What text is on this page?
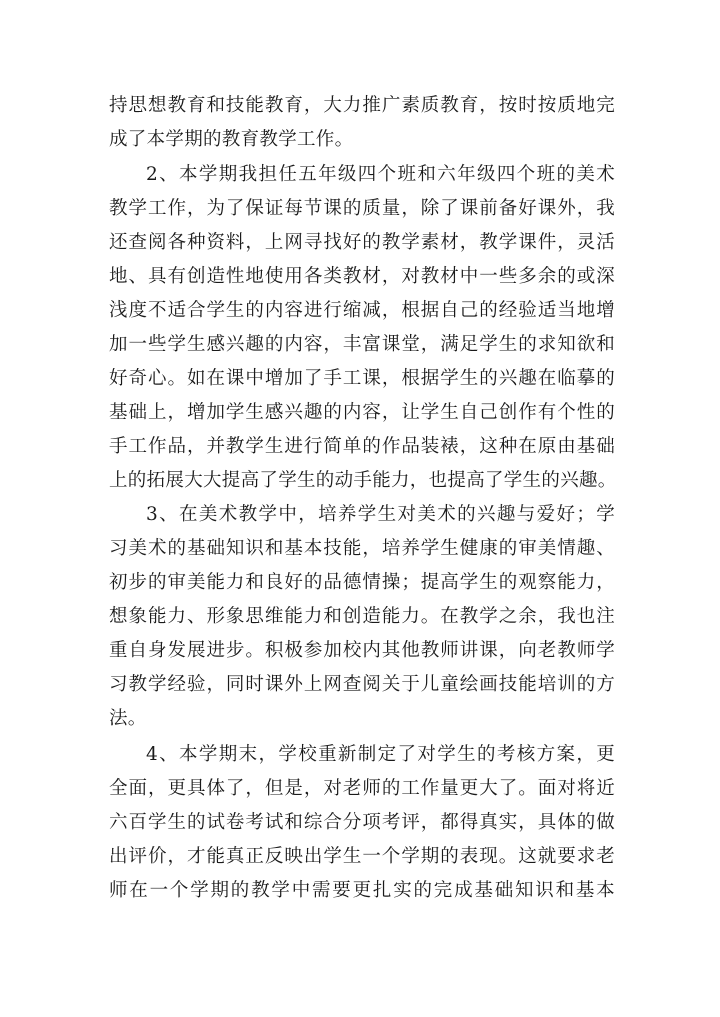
持思想教育和技能教育，大力推广素质教育，按时按质地完
成了本学期的教育教学工作。
2、本学期我担任五年级四个班和六年级四个班的美术
教学工作，为了保证每节课的质量，除了课前备好课外，我
还查阅各种资料，上网寻找好的教学素材，教学课件，灵活
地、具有创造性地使用各类教材，对教材中一些多余的或深
浅度不适合学生的内容进行缩减，根据自己的经验适当地增
加一些学生感兴趣的内容，丰富课堂，满足学生的求知欲和
好奇心。如在课中增加了手工课，根据学生的兴趣在临摹的
基础上，增加学生感兴趣的内容，让学生自己创作有个性的
手工作品，并教学生进行简单的作品装裱，这种在原由基础
上的拓展大大提高了学生的动手能力，也提高了学生的兴趣。
3、在美术教学中，培养学生对美术的兴趣与爱好；学
习美术的基础知识和基本技能，培养学生健康的审美情趣、
初步的审美能力和良好的品德情操；提高学生的观察能力，
想象能力、形象思维能力和创造能力。在教学之余，我也注
重自身发展进步。积极参加校内其他教师讲课，向老教师学
习教学经验，同时课外上网查阅关于儿童绘画技能培训的方
法。
4、本学期末，学校重新制定了对学生的考核方案，更
全面，更具体了，但是，对老师的工作量更大了。面对将近
六百学生的试卷考试和综合分项考评，都得真实，具体的做
出评价，才能真正反映出学生一个学期的表现。这就要求老
师在一个学期的教学中需要更扎实的完成基础知识和基本
